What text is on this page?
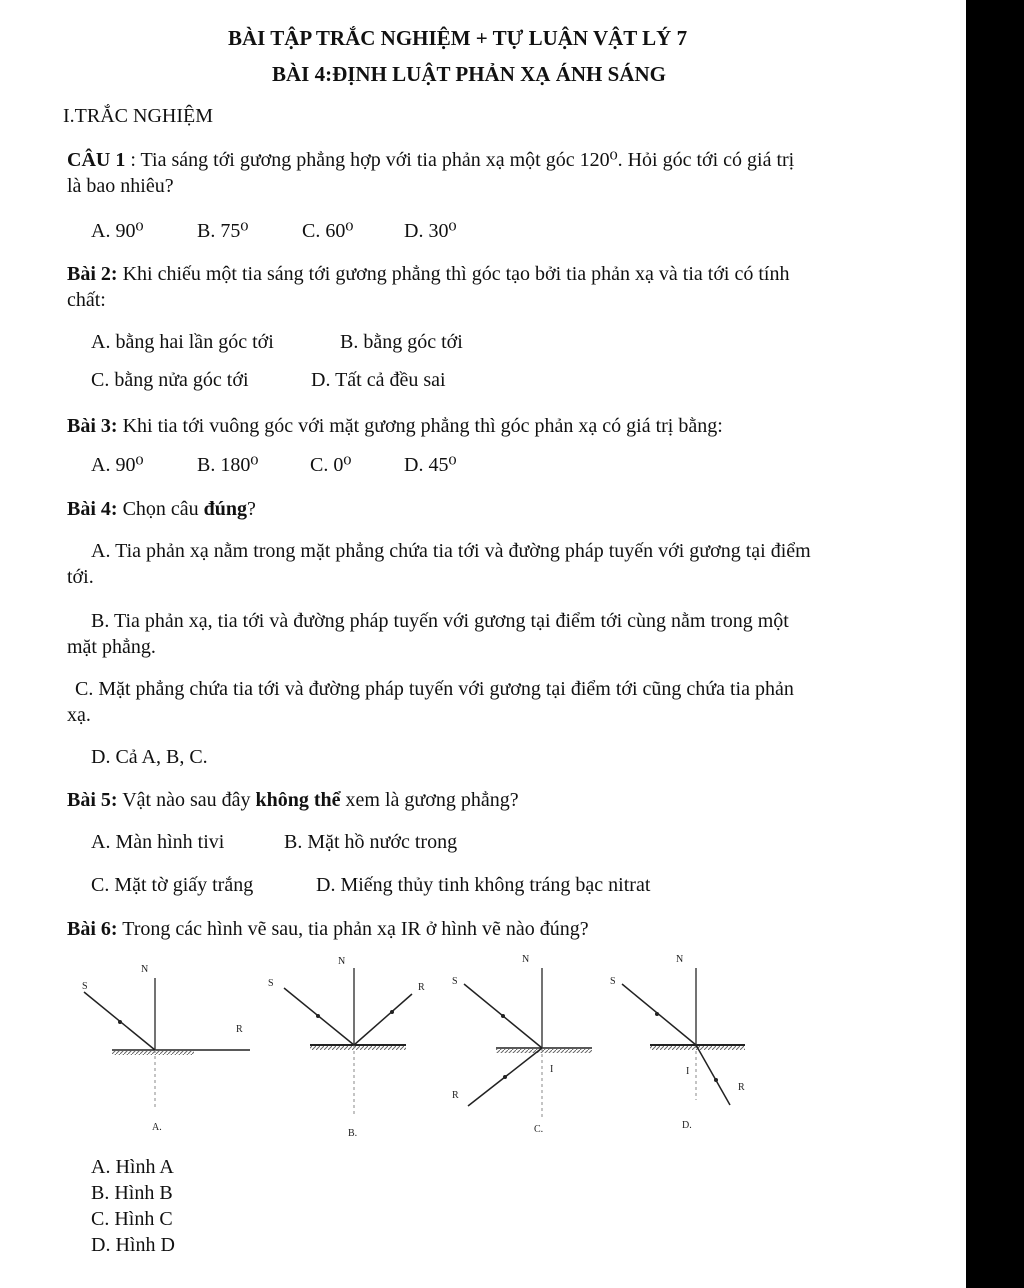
BÀI TẬP TRẮC NGHIỆM + TỰ LUẬN VẬT LÝ 7
BÀI 4:ĐỊNH LUẬT PHẢN XẠ ÁNH SÁNG
I.TRẮC NGHIỆM
CÂU 1 : Tia sáng tới gương phẳng hợp với tia phản xạ một góc 120⁰. Hỏi góc tới có giá trị
là bao nhiêu?
A. 90⁰	B. 75⁰	C. 60⁰	D. 30⁰
Bài 2: Khi chiếu một tia sáng tới gương phẳng thì góc tạo bởi tia phản xạ và tia tới có tính
chất:
A. bằng hai lần góc tới	B. bằng góc tới
C. bằng nửa góc tới	D. Tất cả đều sai
Bài 3: Khi tia tới vuông góc với mặt gương phẳng thì góc phản xạ có giá trị bằng:
A. 90⁰	B. 180⁰	C. 0⁰	D. 45⁰
Bài 4: Chọn câu đúng?
A. Tia phản xạ nằm trong mặt phẳng chứa tia tới và đường pháp tuyến với gương tại điểm
tới.
B. Tia phản xạ, tia tới và đường pháp tuyến với gương tại điểm tới cùng nằm trong một
mặt phẳng.
C. Mặt phẳng chứa tia tới và đường pháp tuyến với gương tại điểm tới cũng chứa tia phản
xạ.
D. Cả A, B, C.
Bài 5: Vật nào sau đây không thể xem là gương phẳng?
A. Màn hình tivi	B. Mặt hồ nước trong
C. Mặt tờ giấy trắng	D. Miếng thủy tinh không tráng bạc nitrat
Bài 6: Trong các hình vẽ sau, tia phản xạ IR ở hình vẽ nào đúng?
S
N
R
A.
S
N
R
B.
S
N
I
R
C.
S
N
I
R
D.
A. Hình A
B. Hình B
C. Hình C
D. Hình D
